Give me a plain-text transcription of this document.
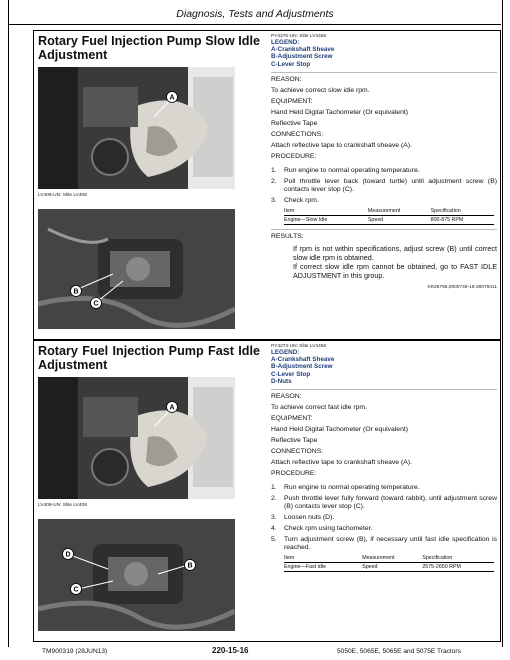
Diagnosis, Tests and Adjustments
Rotary Fuel Injection Pump Slow Idle Adjustment
A
LV408-UN: Slite LV408
B
C
PY4275-UN: Slite LV4456
LEGEND:
A-Crankshaft Sheave
B-Adjustment Screw
C-Lever Stop
REASON:
To achieve correct slow idle rpm.
EQUIPMENT:
Hand Held Digital Tachometer (Or equivalent)
Reflective Tape
CONNECTIONS:
Attach reflective tape to crankshaft sheave (A).
PROCEDURE:
1.	Run engine to normal operating temperature.
2.	Pull throttle lever back (toward turtle) until adjustment screw (B) contacts lever stop (C).
3.	Check rpm.
Item	Measurement	Specification
Engine—Slow Idle	Speed	800-875 RPM
RESULTS:

If rpm is not within specifications, adjust screw (B) until correct slow idle rpm is obtained.

If correct slow idle rpm cannot be obtained, go to FAST IDLE ADJUSTMENT in this group.

KR25796,0000749-19-28079411
Rotary Fuel Injection Pump Fast Idle Adjustment
A
LV408-UN: Slite LV408
D
B
C
PY4274-UN: Slite LV4456
LEGEND:
A-Crankshaft Sheave
B-Adjustment Screw
C-Lever Stop
D-Nuts
REASON:
To achieve correct fast idle rpm.
EQUIPMENT:
Hand Held Digital Tachometer (Or equivalent)
Reflective Tape
CONNECTIONS:
Attach reflective tape to crankshaft sheave (A).
PROCEDURE:
1.	Run engine to normal operating temperature.
2.	Push throttle lever fully forward (toward rabbit), until adjustment screw (B) contacts lever stop (C).
3.	Loosen nuts (D).
4.	Check rpm using tachometer.
5.	Turn adjustment screw (B), if necessary until fast idle specification is reached.
Item	Measurement	Specification
Engine—Fast Idle	Speed	2575-2650 RPM
TM900319 (28JUN13)	220-15-16	5050E, 5065E, 5065E and 5075E Tractors
